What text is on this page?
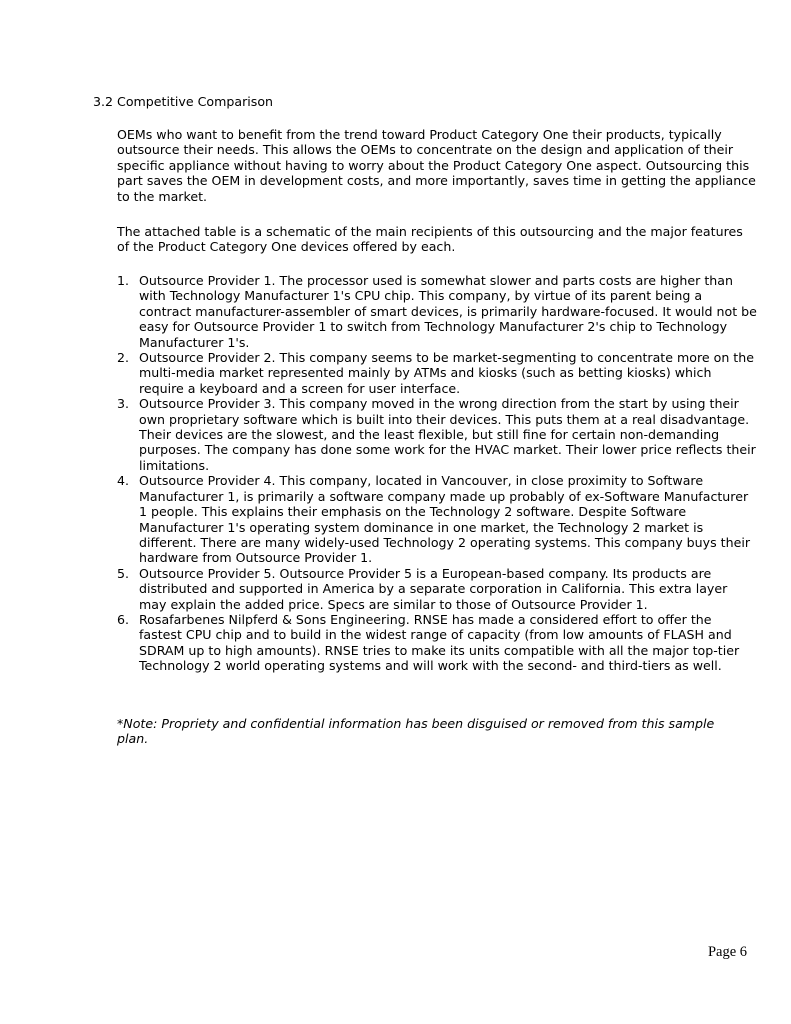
3.2 Competitive Comparison

OEMs who want to benefit from the trend toward Product Category One their products, typically outsource their needs. This allows the OEMs to concentrate on the design and application of their specific appliance without having to worry about the Product Category One aspect. Outsourcing this part saves the OEM in development costs, and more importantly, saves time in getting the appliance to the market.

The attached table is a schematic of the main recipients of this outsourcing and the major features of the Product Category One devices offered by each.

1. Outsource Provider 1. The processor used is somewhat slower and parts costs are higher than with Technology Manufacturer 1's CPU chip. This company, by virtue of its parent being a contract manufacturer-assembler of smart devices, is primarily hardware-focused. It would not be easy for Outsource Provider 1 to switch from Technology Manufacturer 2's chip to Technology Manufacturer 1's.
2. Outsource Provider 2. This company seems to be market-segmenting to concentrate more on the multi-media market represented mainly by ATMs and kiosks (such as betting kiosks) which require a keyboard and a screen for user interface.
3. Outsource Provider 3. This company moved in the wrong direction from the start by using their own proprietary software which is built into their devices. This puts them at a real disadvantage. Their devices are the slowest, and the least flexible, but still fine for certain non-demanding purposes. The company has done some work for the HVAC market. Their lower price reflects their limitations.
4. Outsource Provider 4. This company, located in Vancouver, in close proximity to Software Manufacturer 1, is primarily a software company made up probably of ex-Software Manufacturer 1 people. This explains their emphasis on the Technology 2 software. Despite Software Manufacturer 1's operating system dominance in one market, the Technology 2 market is different. There are many widely-used Technology 2 operating systems. This company buys their hardware from Outsource Provider 1.
5. Outsource Provider 5. Outsource Provider 5 is a European-based company. Its products are distributed and supported in America by a separate corporation in California. This extra layer may explain the added price. Specs are similar to those of Outsource Provider 1.
6. Rosafarbenes Nilpferd & Sons Engineering. RNSE has made a considered effort to offer the fastest CPU chip and to build in the widest range of capacity (from low amounts of FLASH and SDRAM up to high amounts). RNSE tries to make its units compatible with all the major top-tier Technology 2 world operating systems and will work with the second- and third-tiers as well.

*Note: Propriety and confidential information has been disguised or removed from this sample plan.

Page 6
